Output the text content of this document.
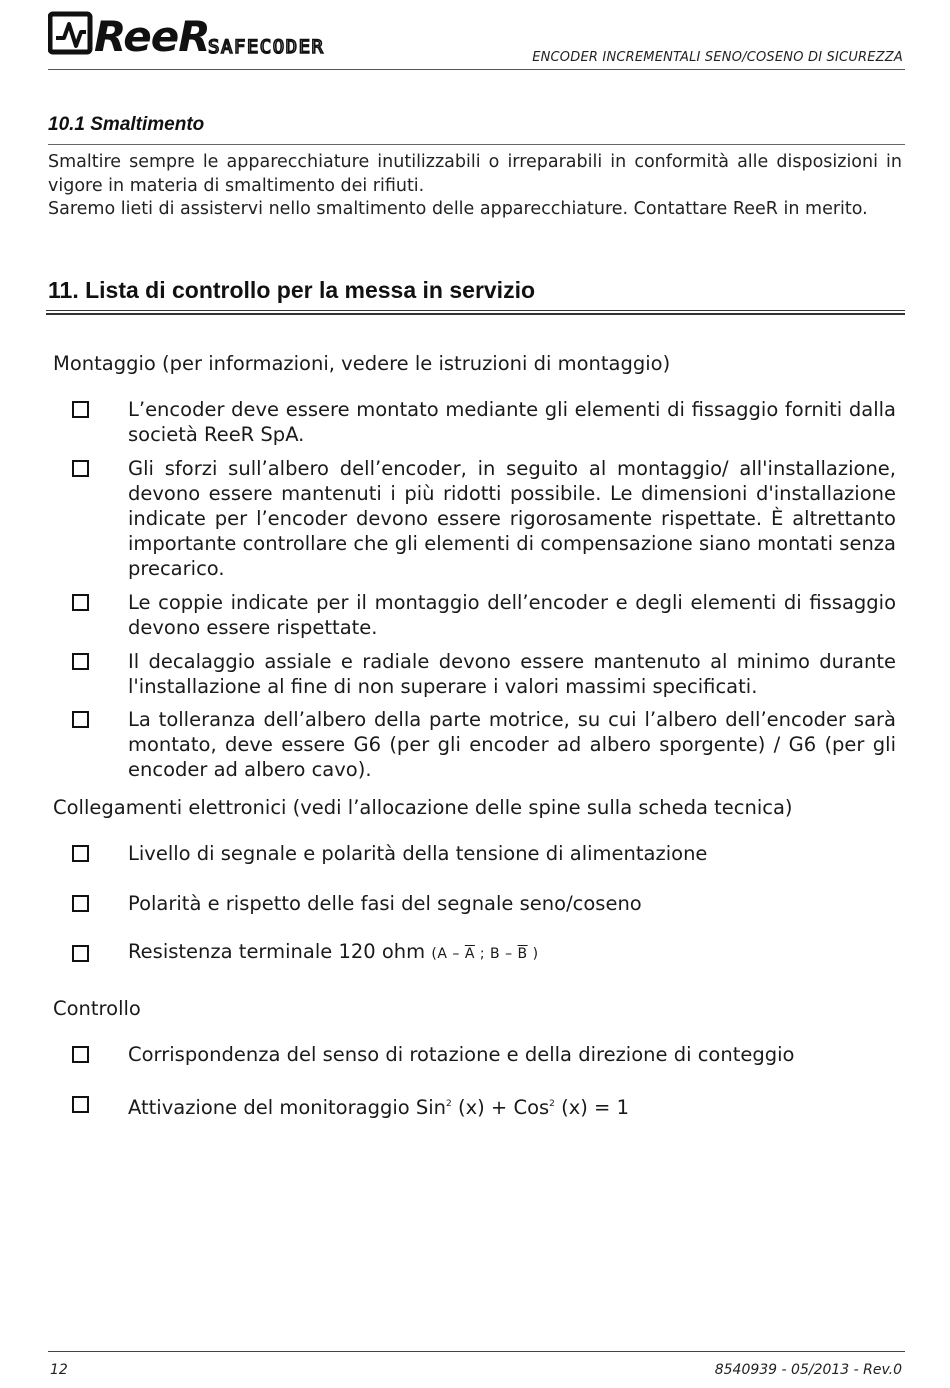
ReeR
SAFECODER	ENCODER INCREMENTALI SENO/COSENO DI SICUREZZA
10.1 Smaltimento
Smaltire sempre le apparecchiature inutilizzabili o irreparabili in conformità alle disposizioni in vigore in materia di smaltimento dei rifiuti.
Saremo lieti di assistervi nello smaltimento delle apparecchiature. Contattare ReeR in merito.
11. Lista di controllo per la messa in servizio
Montaggio (per informazioni, vedere le istruzioni di montaggio)
L’encoder deve essere montato mediante gli elementi di fissaggio forniti dalla società ReeR SpA.
Gli sforzi sull’albero dell’encoder, in seguito al montaggio/ all'installazione, devono essere mantenuti i più ridotti possibile. Le dimensioni d'installazione indicate per l’encoder devono essere rigorosamente rispettate. È altrettanto importante controllare che gli elementi di compensazione siano montati senza precarico.
Le coppie indicate per il montaggio dell’encoder e degli elementi di fissaggio devono essere rispettate.
Il decalaggio assiale e radiale devono essere mantenuto al minimo durante l'installazione al fine di non superare i valori massimi specificati.
La tolleranza dell’albero della parte motrice, su cui l’albero dell’encoder sarà montato, deve essere G6 (per gli encoder ad albero sporgente) / G6 (per gli encoder ad albero cavo).
Collegamenti elettronici (vedi l’allocazione delle spine sulla scheda tecnica)
Livello di segnale e polarità della tensione di alimentazione
Polarità e rispetto delle fasi del segnale seno/coseno
Resistenza terminale 120 ohm ($A - \overline{A}$ ; B – $\overline{B}$ )
Controllo
Corrispondenza del senso di rotazione e della direzione di conteggio
Attivazione del monitoraggio Sin$^2$ (x) + Cos$^2$ (x) = 1
12	8540939 - 05/2013 - Rev.0
